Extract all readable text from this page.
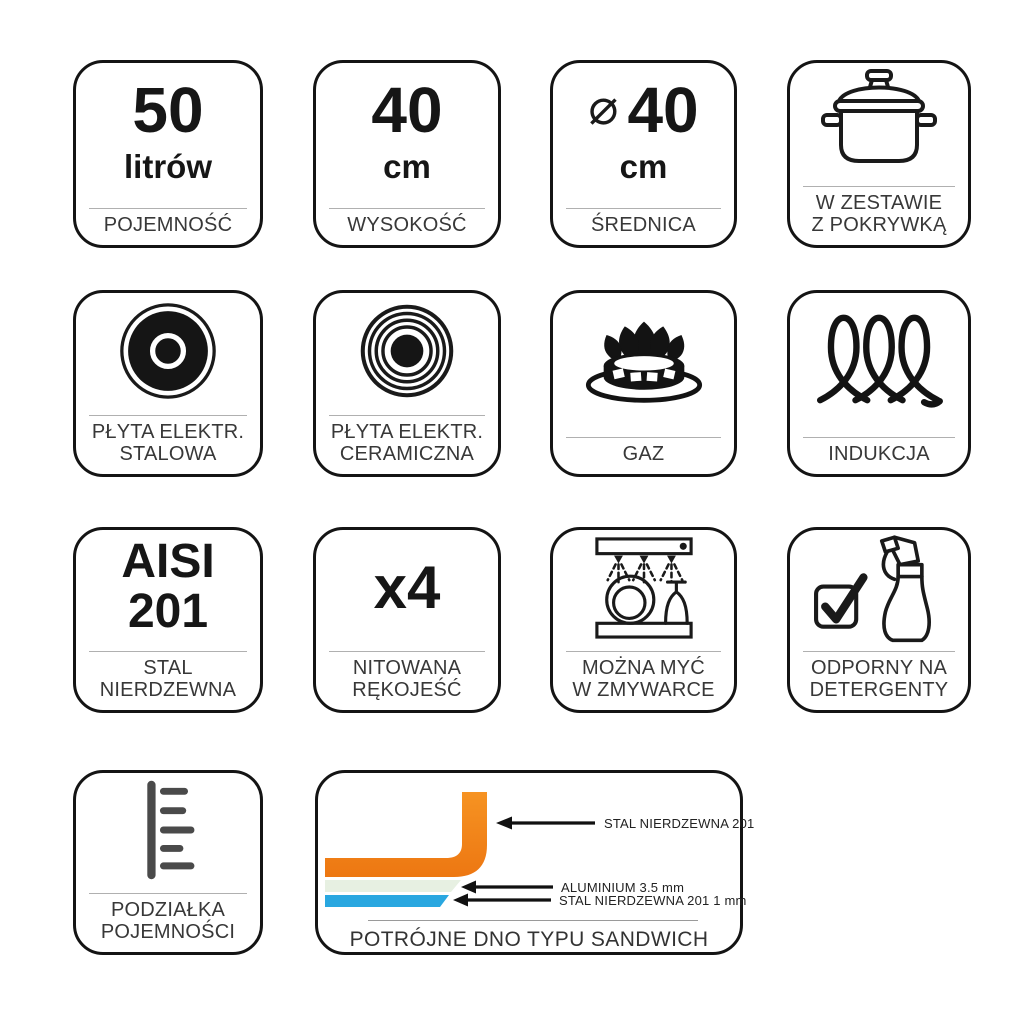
50
litrów
POJEMNOŚĆ
40
cm
WYSOKOŚĆ
⌀ 40
cm
ŚREDNICA
W ZESTAWIE
Z POKRYWKĄ
PŁYTA ELEKTR.
STALOWA
PŁYTA ELEKTR.
CERAMICZNA	GAZ	INDUKCJA
AISI
201
STAL
NIERDZEWNA
x4
NITOWANA
RĘKOJEŚĆ
MOŻNA MYĆ
W ZMYWARCE
ODPORNY NA
DETERGENTY
PODZIAŁKA
POJEMNOŚCI
STAL NIERDZEWNA 201
ALUMINIUM 3.5 mm
STAL NIERDZEWNA 201 1 mm
POTRÓJNE DNO TYPU SANDWICH
